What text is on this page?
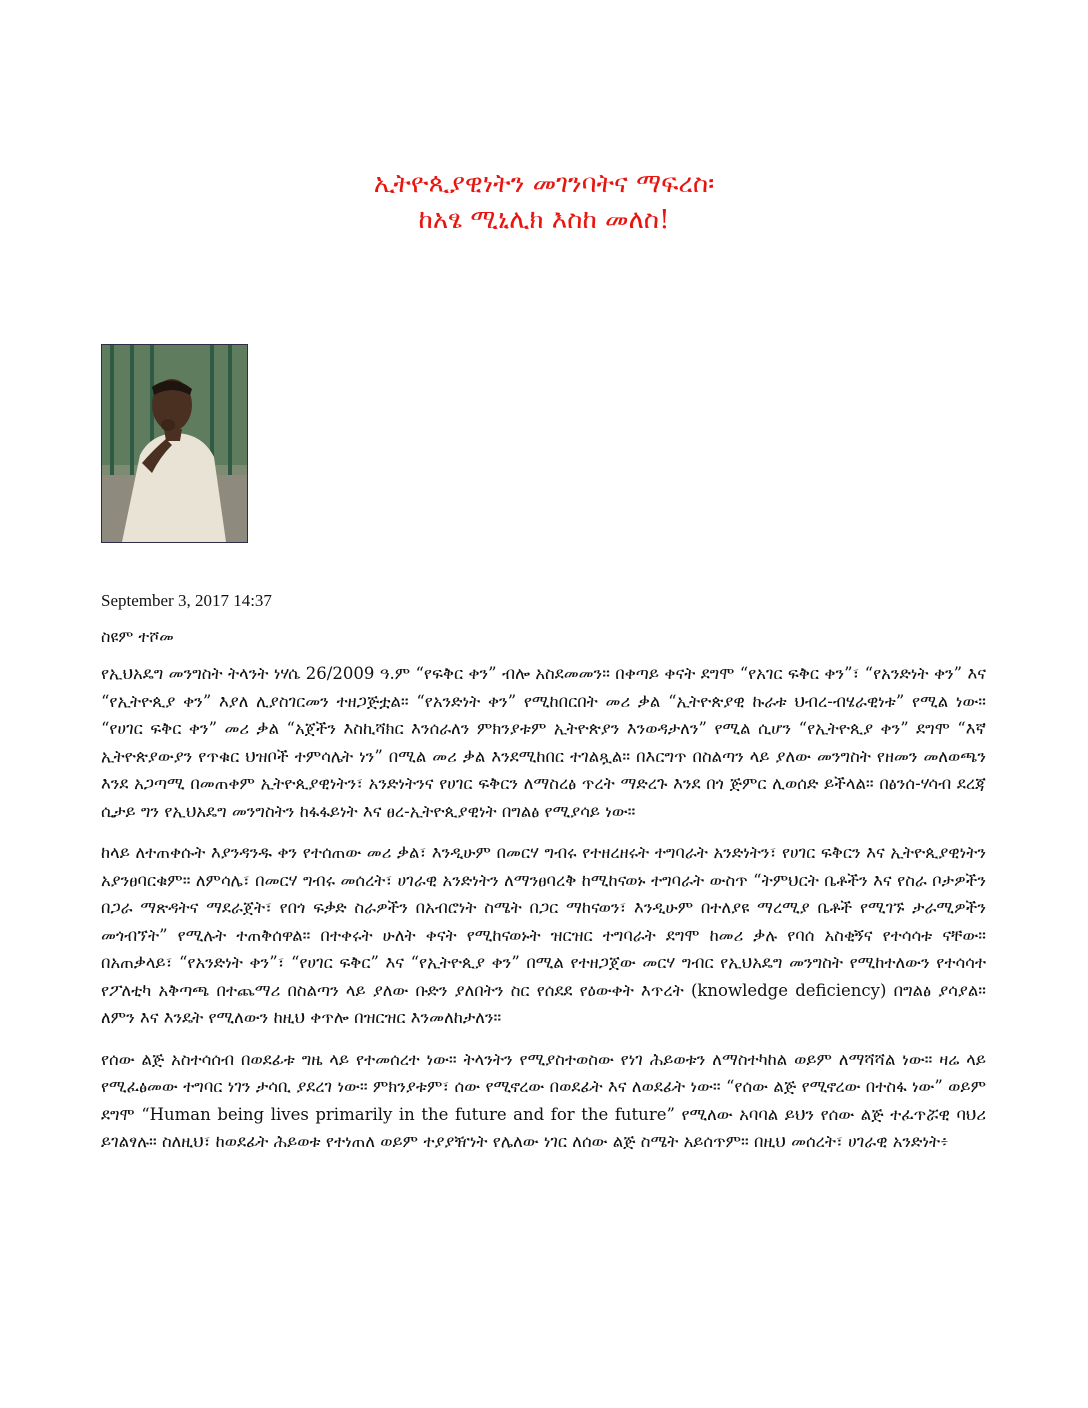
ኢትዮጲያዊነትን መገንባትና ማፍረስ፡
ከአፄ ሚኒሊክ እስከ መለስ!
September 3, 2017 14:37
ስዩም ተሾመ

የኢህአዴግ መንግስት ትላንት ነሃሴ 26/2009 ዓ.ም “የፍቅር ቀን” ብሎ አስደመመን። በቀጣይ ቀናት ደግሞ “የአገር ፍቅር ቀን”፣ “የአንድነት ቀን” እና “የኢትዮጲያ ቀን” እያለ ሊያስገርመን ተዘጋጅቷል። “የአንድነት ቀን” የሚከበርበት መሪ ቃል “ኢትዮጵያዊ ኩራቱ ህብረ-ብሄራዊነቱ” የሚል ነው። “የሀገር ፍቅር ቀን” መሪ ቃል “አጀችን እስኪሻክር እንሰራለን ምክንያቱም ኢትዮጵያን እንወዳታለን” የሚል ሲሆን “የኢትዮጲያ ቀን” ደግሞ “እኛ ኢትዮጵያውያን የጥቁር ህዝቦች ተምሳሌት ነን” በሚል መሪ ቃል እንደሚከበር ተገልጿል። በእርግጥ በስልጣን ላይ ያለው መንግስት የዘመን መለወጫን እንደ አጋጣሚ በመጠቀም ኢትዮጲያዊነትን፣ አንድነትንና የሀገር ፍቅርን ለማስረፅ ጥረት ማድረጉ እንደ በጎ ጅምር ሊወሰድ ይችላል። በፅንሰ-ሃሳብ ደረጃ ሲታይ ግን የኢህአዴግ መንግስትን ከፋፋይነት እና ፀረ-ኢትዮጲያዊነት በግልፅ የሚያሳይ ነው።

ከላይ ለተጠቀሱት እያንዳንዱ ቀን የተሰጠው መሪ ቃል፣ እንዲሁም በመርሃ ግብሩ የተዘረዘሩት ተግባራት አንድነትን፣ የሀገር ፍቅርን እና ኢትዮጲያዊነትን አያንፀባርቁም። ለምሳሌ፣ በመርሃ ግብሩ መሰረት፣ ሀገራዊ አንድነትን ለማንፀባረቅ ከሚከናወኑ ተግባራት ውስጥ “ትምህርት ቤቶችን እና የስራ ቦታዎችን በጋራ ማጽዳትና ማደራጀት፣ የበጎ ፍቃድ ስራዎችን በአብሮነት ስሜት በጋር ማከናወን፣ እንዲሁም በተለያዩ ማረሚያ ቤቶች የሚገኙ ታራሚዎችን መጎብኘት” የሚሉት ተጠቅሰዋል። በተቀሩት ሁለት ቀናት የሚከናወኑት ዝርዝር ተግባራት ደግሞ ከመሪ ቃሉ የባሰ አስቂኝና የተሳሳቱ ናቸው። በአጠቃላይ፣ “የአንድነት ቀን”፣ “የሀገር ፍቅር” እና “የኢትዮጲያ ቀን” በሚል የተዘጋጀው መርሃ ግብር የኢህአዴግ መንግስት የሚከተለውን የተሳሳተ የፖለቲካ አቅጣጫ በተጨማሪ በስልጣን ላይ ያለው ቡድን ያለበትን ስር የሰደደ የዕውቀት እጥረት (knowledge deficiency) በግልፅ ያሳያል። ለምን እና እንዴት የሚለውን ከዚህ ቀጥሎ በዝርዝር እንመለከታለን።

የሰው ልጅ አስተሳሰብ በወደፊቱ ግዜ ላይ የተመሰረተ ነው። ትላንትን የሚያስተወስው የነገ ሕይወቱን ለማስተካከል ወይም ለማሻሻል ነው። ዛሬ ላይ የሚፈፅመው ተግባር ነገን ታሳቢ ያደረገ ነው። ምክንያቱም፣ ሰው የሚኖረው በወደፊት እና ለወደፊት ነው። “የሰው ልጅ የሚኖረው በተስፋ ነው” ወይም ደግሞ “Human being lives primarily in the future and for the future” የሚለው አባባል ይህን የሰው ልጅ ተፈጥሯዊ ባህሪ ይገልፃሉ። ስለዚህ፣ ከወደፊት ሕይወቱ የተነጠለ ወይም ተያያዥነት የሌለው ነገር ለሰው ልጅ ስሜት አይሰጥም። በዚህ መሰረት፣ ሀገራዊ አንድነት፥
